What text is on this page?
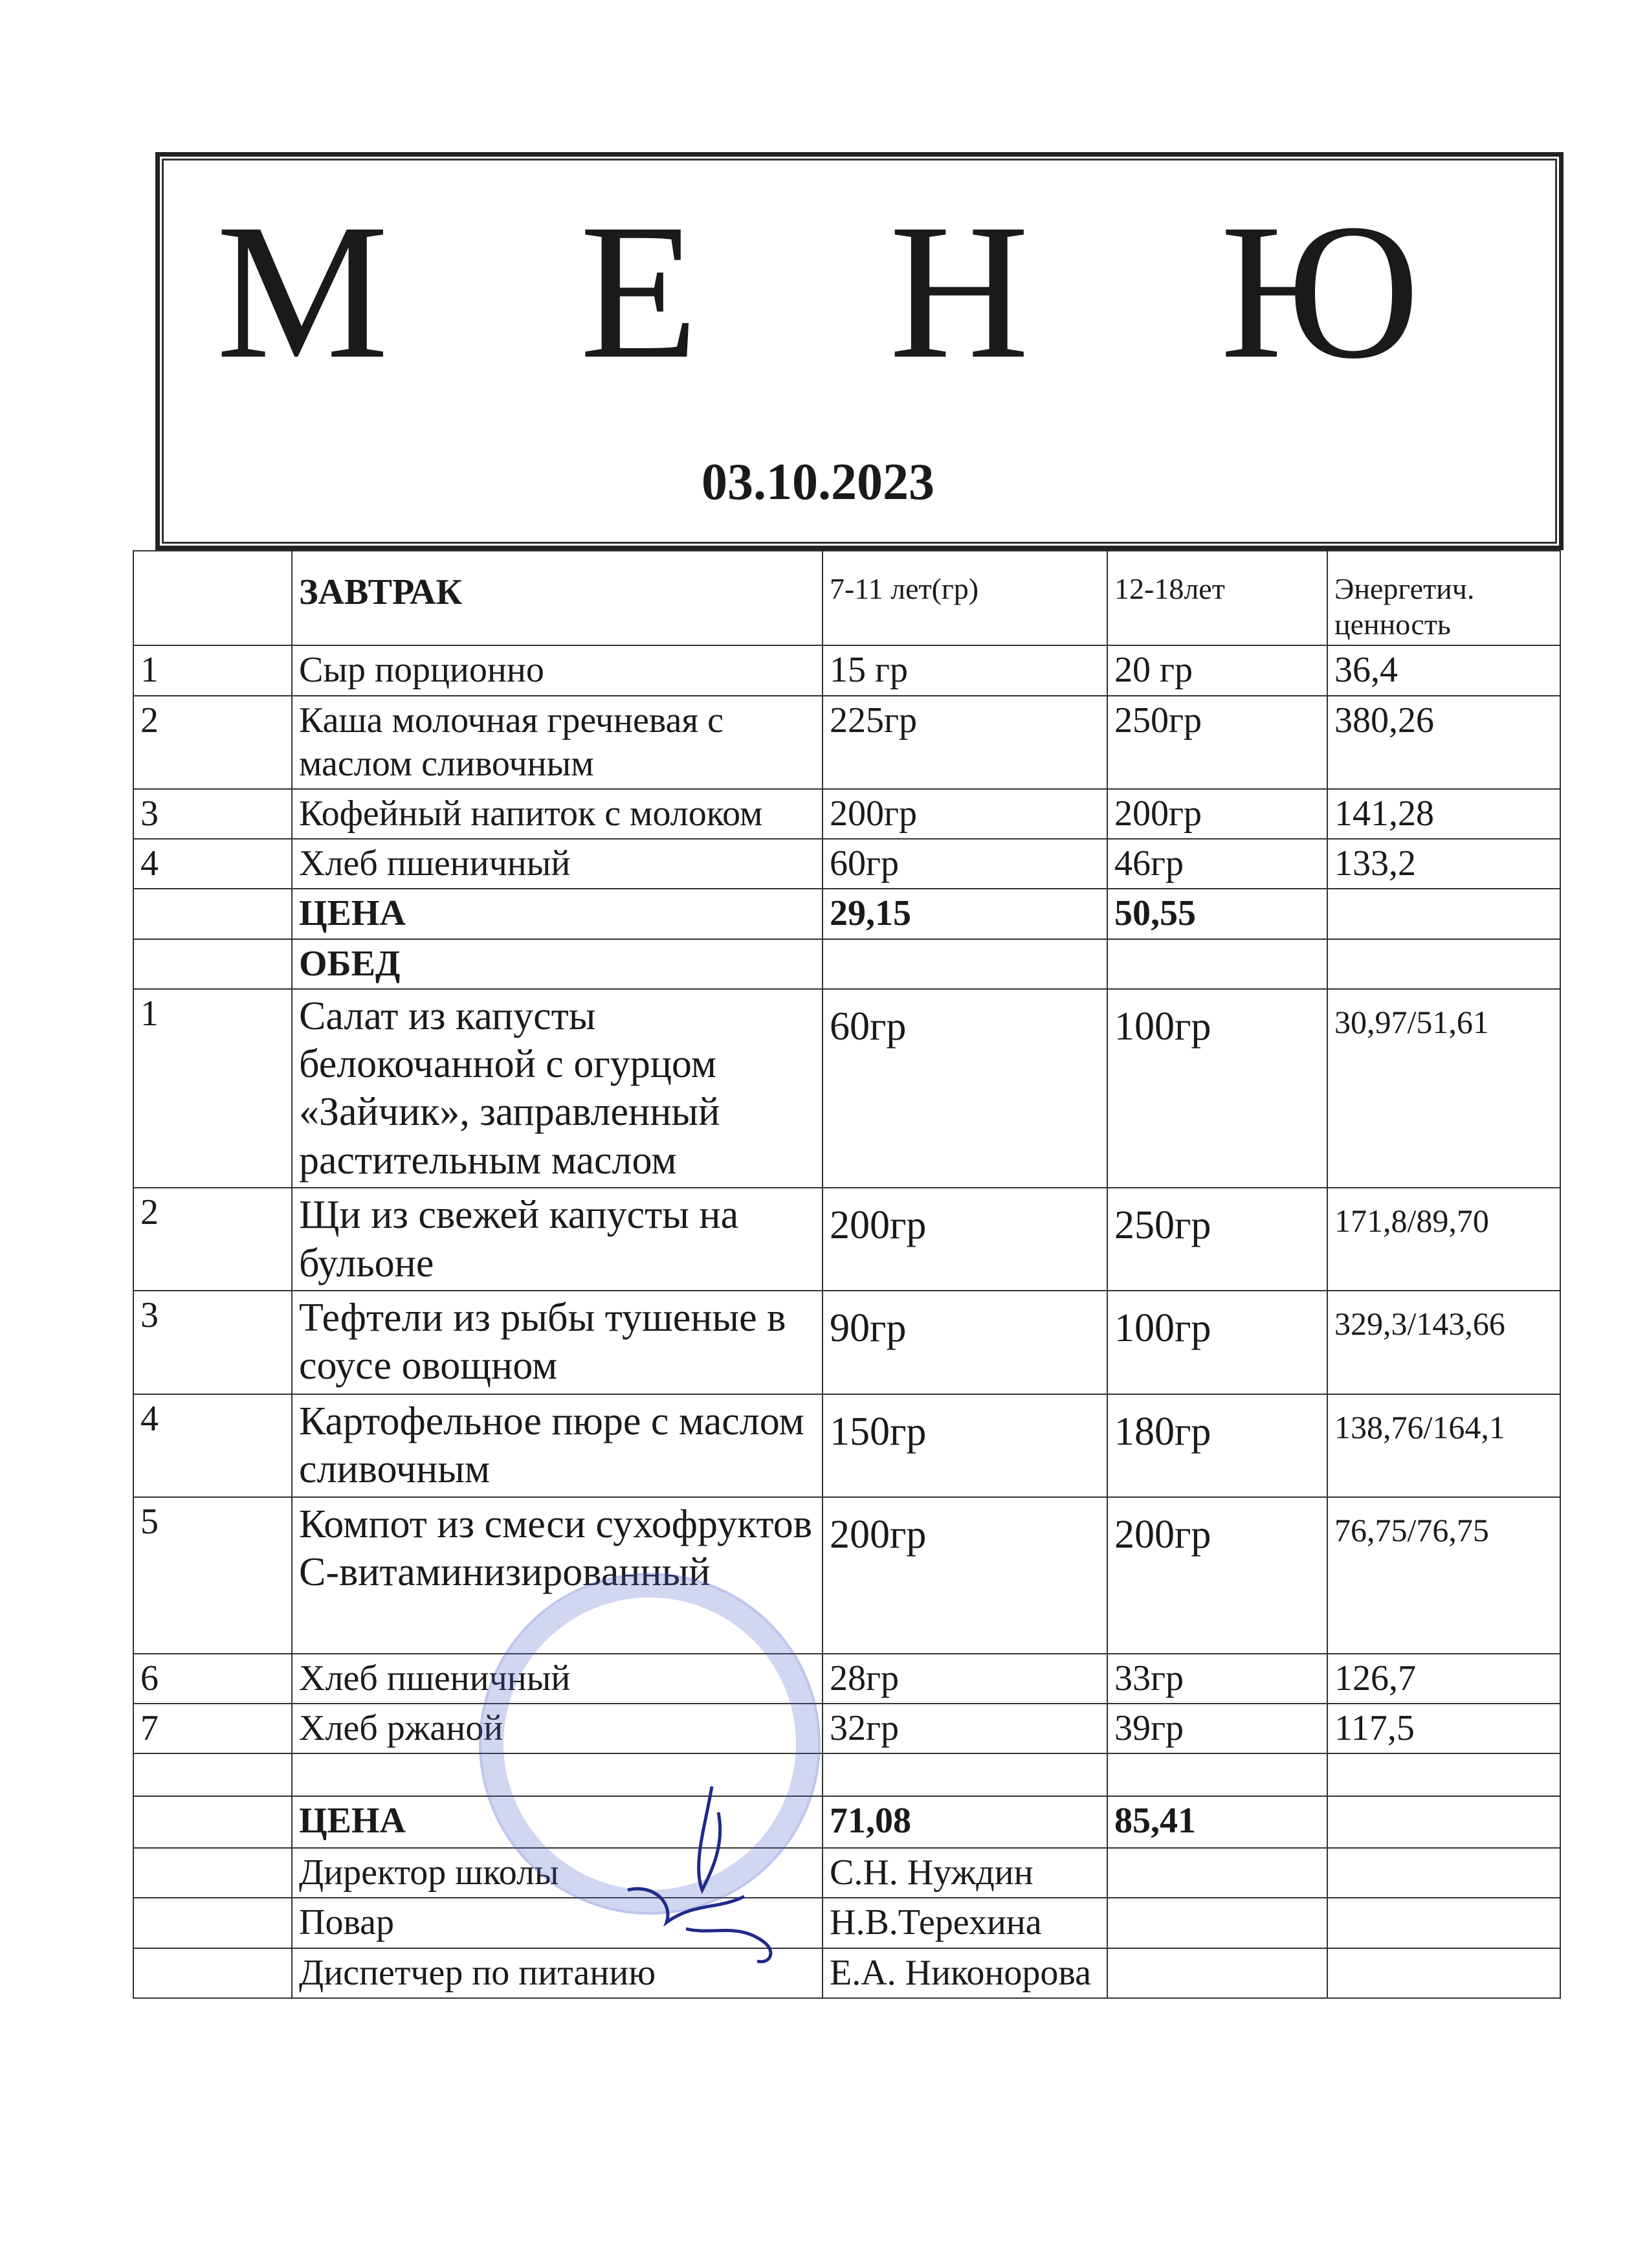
М Е Н Ю
03.10.2023
	ЗАВТРАК	7-11 лет(гр)	12-18лет	Энергетич. ценность
1	Сыр порционно	15 гр	20 гр	36,4
2	Каша молочная гречневая с маслом сливочным	225гр	250гр	380,26
3	Кофейный напиток с молоком	200гр	200гр	141,28
4	Хлеб пшеничный	60гр	46гр	133,2
	ЦЕНА	29,15	50,55	
	ОБЕД			
1	Салат из капусты белокочанной с огурцом «Зайчик», заправленный растительным маслом	60гр	100гр	30,97/51,61
2	Щи из свежей капусты на бульоне	200гр	250гр	171,8/89,70
3	Тефтели из рыбы тушеные в соусе овощном	90гр	100гр	329,3/143,66
4	Картофельное пюре с маслом сливочным	150гр	180гр	138,76/164,1
5	Компот из смеси сухофруктов С-витаминизированный	200гр	200гр	76,75/76,75
6	Хлеб пшеничный	28гр	33гр	126,7
7	Хлеб ржаной	32гр	39гр	117,5

	ЦЕНА	71,08	85,41	
	Директор школы	С.Н. Нуждин		
	Повар	Н.В.Терехина		
	Диспетчер по питанию	Е.А. Никонорова		
